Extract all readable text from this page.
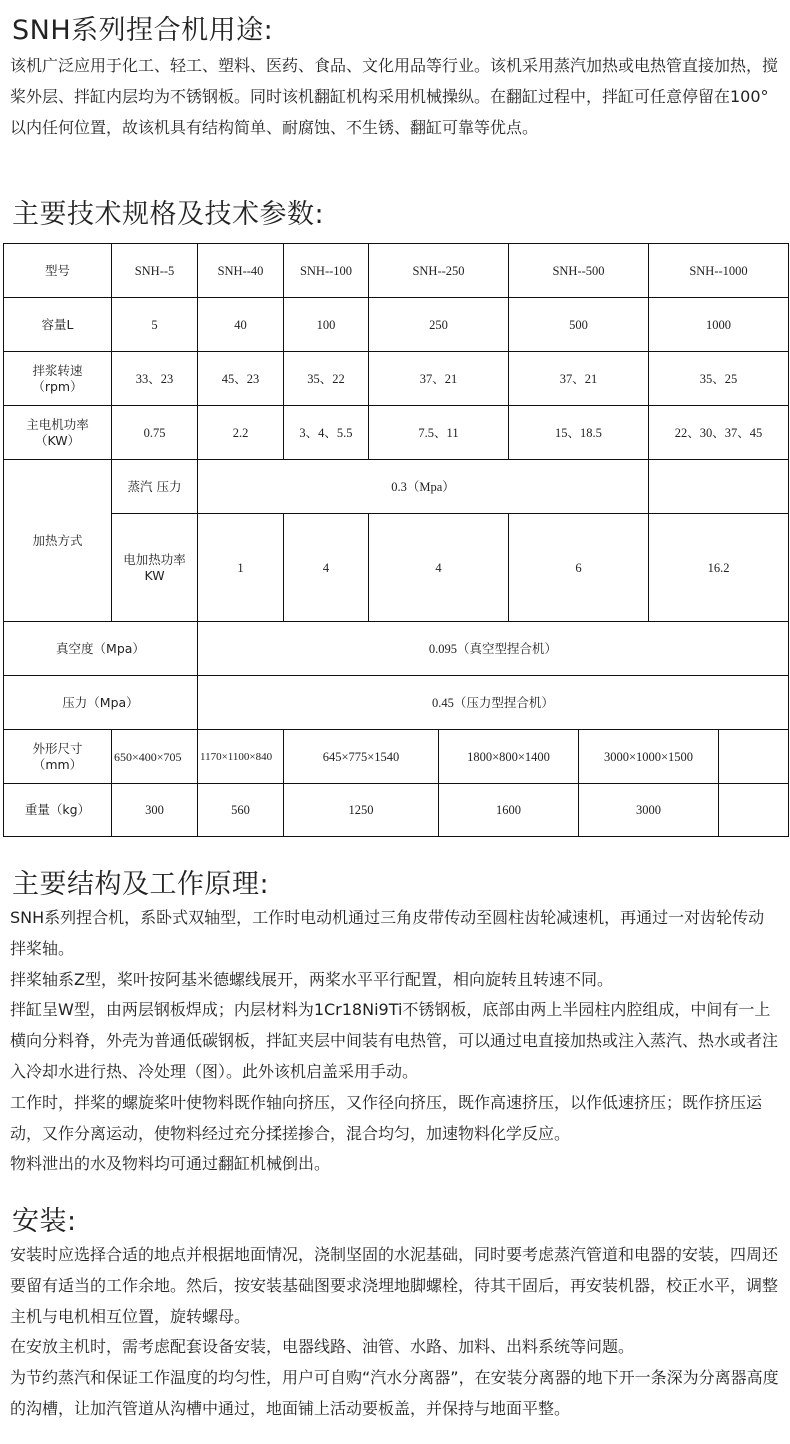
SNH系列捏合机用途:

该机广泛应用于化工、轻工、塑料、医药、食品、文化用品等行业。该机采用蒸汽加热或电热管直接加热，搅桨外层、拌缸内层均为不锈钢板。同时该机翻缸机构采用机械操纵。在翻缸过程中，拌缸可任意停留在100°以内任何位置，故该机具有结构简单、耐腐蚀、不生锈、翻缸可靠等优点。

主要技术规格及技术参数:
型号	SNH--5	SNH--40	SNH--100	SNH--250		SNH--500		SNH--1000	
容量L	5	40	100	250		500		1000	
拌浆转速
（rpm）	33、23	45、23	35、22	37、21		37、21		35、25	
主电机功率
（KW）	0.75	2.2	3、4、5.5	7.5、11		15、18.5		22、30、37、45	
加热方式	蒸汽 压力	0.3（Mpa）							
	电加热功率
KW	1	4	4		6		16.2	
真空度（Mpa）		0.095（真空型捏合机）							
压力（Mpa）		0.45（压力型捏合机）							
外形尺寸
（mm）	650×400×705	1170×1100×840	645×775×1540		1800×800×1400		3000×1000×1500		
重量（kg）	300	560	1250		1600		3000		
主要结构及工作原理:

SNH系列捏合机，系卧式双轴型，工作时电动机通过三角皮带传动至圆柱齿轮减速机，再通过一对齿轮传动拌桨轴。

拌桨轴系Z型，桨叶按阿基米德螺线展开，两桨水平平行配置，相向旋转且转速不同。

拌缸呈W型，由两层钢板焊成；内层材料为1Cr18Ni9Ti不锈钢板，底部由两上半园柱内腔组成，中间有一上横向分料脊，外壳为普通低碳钢板，拌缸夹层中间装有电热管，可以通过电直接加热或注入蒸汽、热水或者注入冷却水进行热、冷处理（图）。此外该机启盖采用手动。

工作时，拌桨的螺旋桨叶使物料既作轴向挤压，又作径向挤压，既作高速挤压，以作低速挤压；既作挤压运动，又作分离运动，使物料经过充分揉搓掺合，混合均匀，加速物料化学反应。

物料泄出的水及物料均可通过翻缸机械倒出。

安装:

安装时应选择合适的地点并根据地面情况，浇制坚固的水泥基础，同时要考虑蒸汽管道和电器的安装，四周还要留有适当的工作余地。然后，按安装基础图要求浇埋地脚螺栓，待其干固后，再安装机器，校正水平，调整主机与电机相互位置，旋转螺母。

在安放主机时，需考虑配套设备安装，电器线路、油管、水路、加料、出料系统等问题。

为节约蒸汽和保证工作温度的均匀性，用户可自购“汽水分离器”，在安装分离器的地下开一条深为分离器高度的沟槽，让加汽管道从沟槽中通过，地面铺上活动要板盖，并保持与地面平整。
